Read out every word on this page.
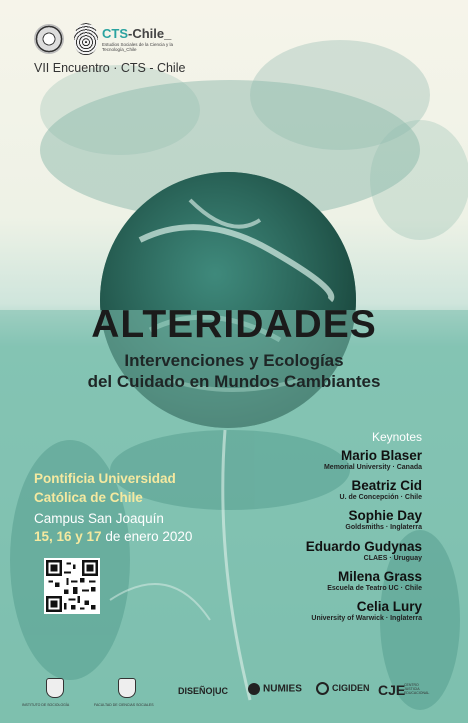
CTS-Chile_
Estudios Sociales de la Ciencia y la Tecnología_Chile
VII Encuentro · CTS - Chile
ALTERIDADES
Intervenciones y Ecologías
del Cuidado en Mundos Cambiantes
Pontificia Universidad
Católica de Chile
Campus San Joaquín
15, 16 y 17 de enero 2020
Keynotes
Mario Blaser
Memorial University · Canada
Beatriz Cid
U. de Concepción · Chile
Sophie Day
Goldsmiths · Inglaterra
Eduardo Gudynas
CLAES · Uruguay
Milena Grass
Escuela de Teatro UC · Chile
Celia Lury
University of Warwick · Inglaterra
INSTITUTO DE SOCIOLOGÍA	FACULTAD DE CIENCIAS SOCIALES
DISEÑO|UC	NUMIES	CIGIDEN CJE
CENTRO JUSTICIA EDUCACIONAL
